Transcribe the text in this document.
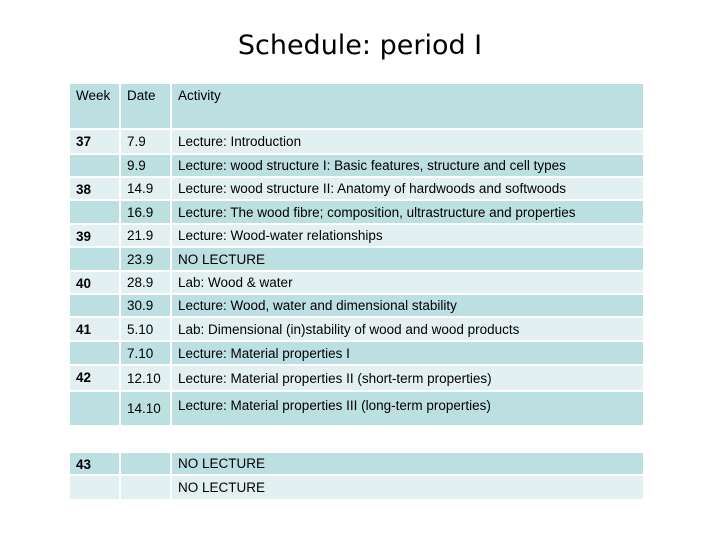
Schedule: period I
Week	Date	Activity
37	7.9	Lecture: Introduction
	9.9	Lecture: wood structure I: Basic features, structure and cell types
38	14.9	Lecture: wood structure II: Anatomy of hardwoods and softwoods
	16.9	Lecture: The wood fibre; composition, ultrastructure and properties
39	21.9	Lecture: Wood-water relationships
	23.9	NO LECTURE
40	28.9	Lab: Wood & water
	30.9	Lecture: Wood, water and dimensional stability
41	5.10	Lab: Dimensional (in)stability of wood and wood products
	7.10	Lecture: Material properties I
42	12.10	Lecture: Material properties II (short-term properties)
	14.10	Lecture: Material properties III (long-term properties)

43		NO LECTURE
		NO LECTURE
